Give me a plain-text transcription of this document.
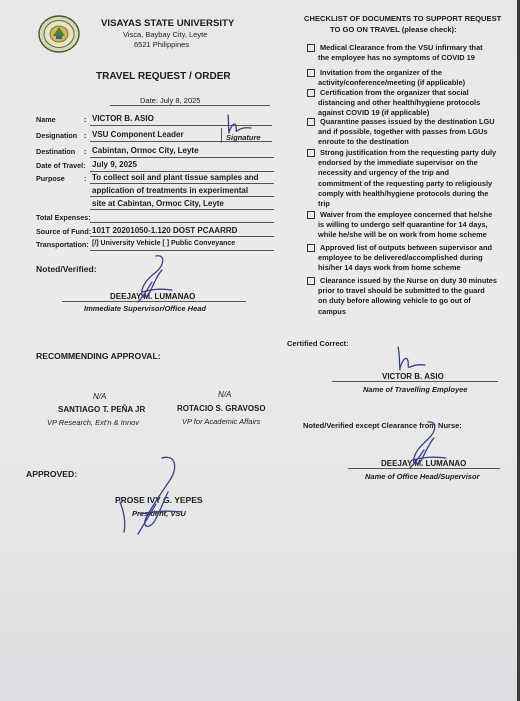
VISAYAS STATE UNIVERSITY
Visca, Baybay City, Leyte
6521 Philippines
TRAVEL REQUEST / ORDER
Date: July 8, 2025
Name	: VICTOR B. ASIO
Designation : VSU Component Leader	Signature
Destination : Cabintan, Ormoc City, Leyte
Date of Travel: July 9, 2025
Purpose	: To collect soil and plant tissue samples and
application of treatments in experimental
site at Cabintan, Ormoc City, Leyte
Total Expenses:
Source of Fund: 101T 20201050-1.120 DOST PCAARRD
Transportation: [/] University Vehicle [ ] Public Conveyance
Noted/Verified:
DEEJAY M. LUMANAO
Immediate Supervisor/Office Head
RECOMMENDING APPROVAL:
N/A
SANTIAGO T. PEÑA JR
VP Research, Ext'n & Innov
N/A
ROTACIO S. GRAVOSO
VP for Academic Affairs
APPROVED:
PROSE IVY G. YEPES
President, VSU
CHECKLIST OF DOCUMENTS TO SUPPORT REQUEST
TO GO ON TRAVEL (please check):
Medical Clearance from the VSU infirmary that
the employee has no symptoms of COVID 19
Invitation from the organizer of the
activity/conference/meeting (if applicable)
Certification from the organizer that social
distancing and other health/hygiene protocols
against COVID 19 (if applicable)
Quarantine passes issued by the destination LGU
and if possible, together with passes from LGUs
enroute to the destination
Strong justification from the requesting party duly
endorsed by the immediate supervisor on the
necessity and urgency of the trip and
commitment of the requesting party to religiously
comply with health/hygiene protocols during the
trip
Waiver from the employee concerned that he/she
is willing to undergo self quarantine for 14 days,
while he/she will be on work from home scheme
Approved list of outputs between supervisor and
employee to be delivered/accomplished during
his/her 14 days work from home scheme
Clearance issued by the Nurse on duty 30 minutes
prior to travel should be submitted to the guard
on duty before allowing vehicle to go out of
campus
Certified Correct:
VICTOR B. ASIO
Name of Travelling Employee
Noted/Verified except Clearance from Nurse:
DEEJAY M. LUMANAO
Name of Office Head/Supervisor
